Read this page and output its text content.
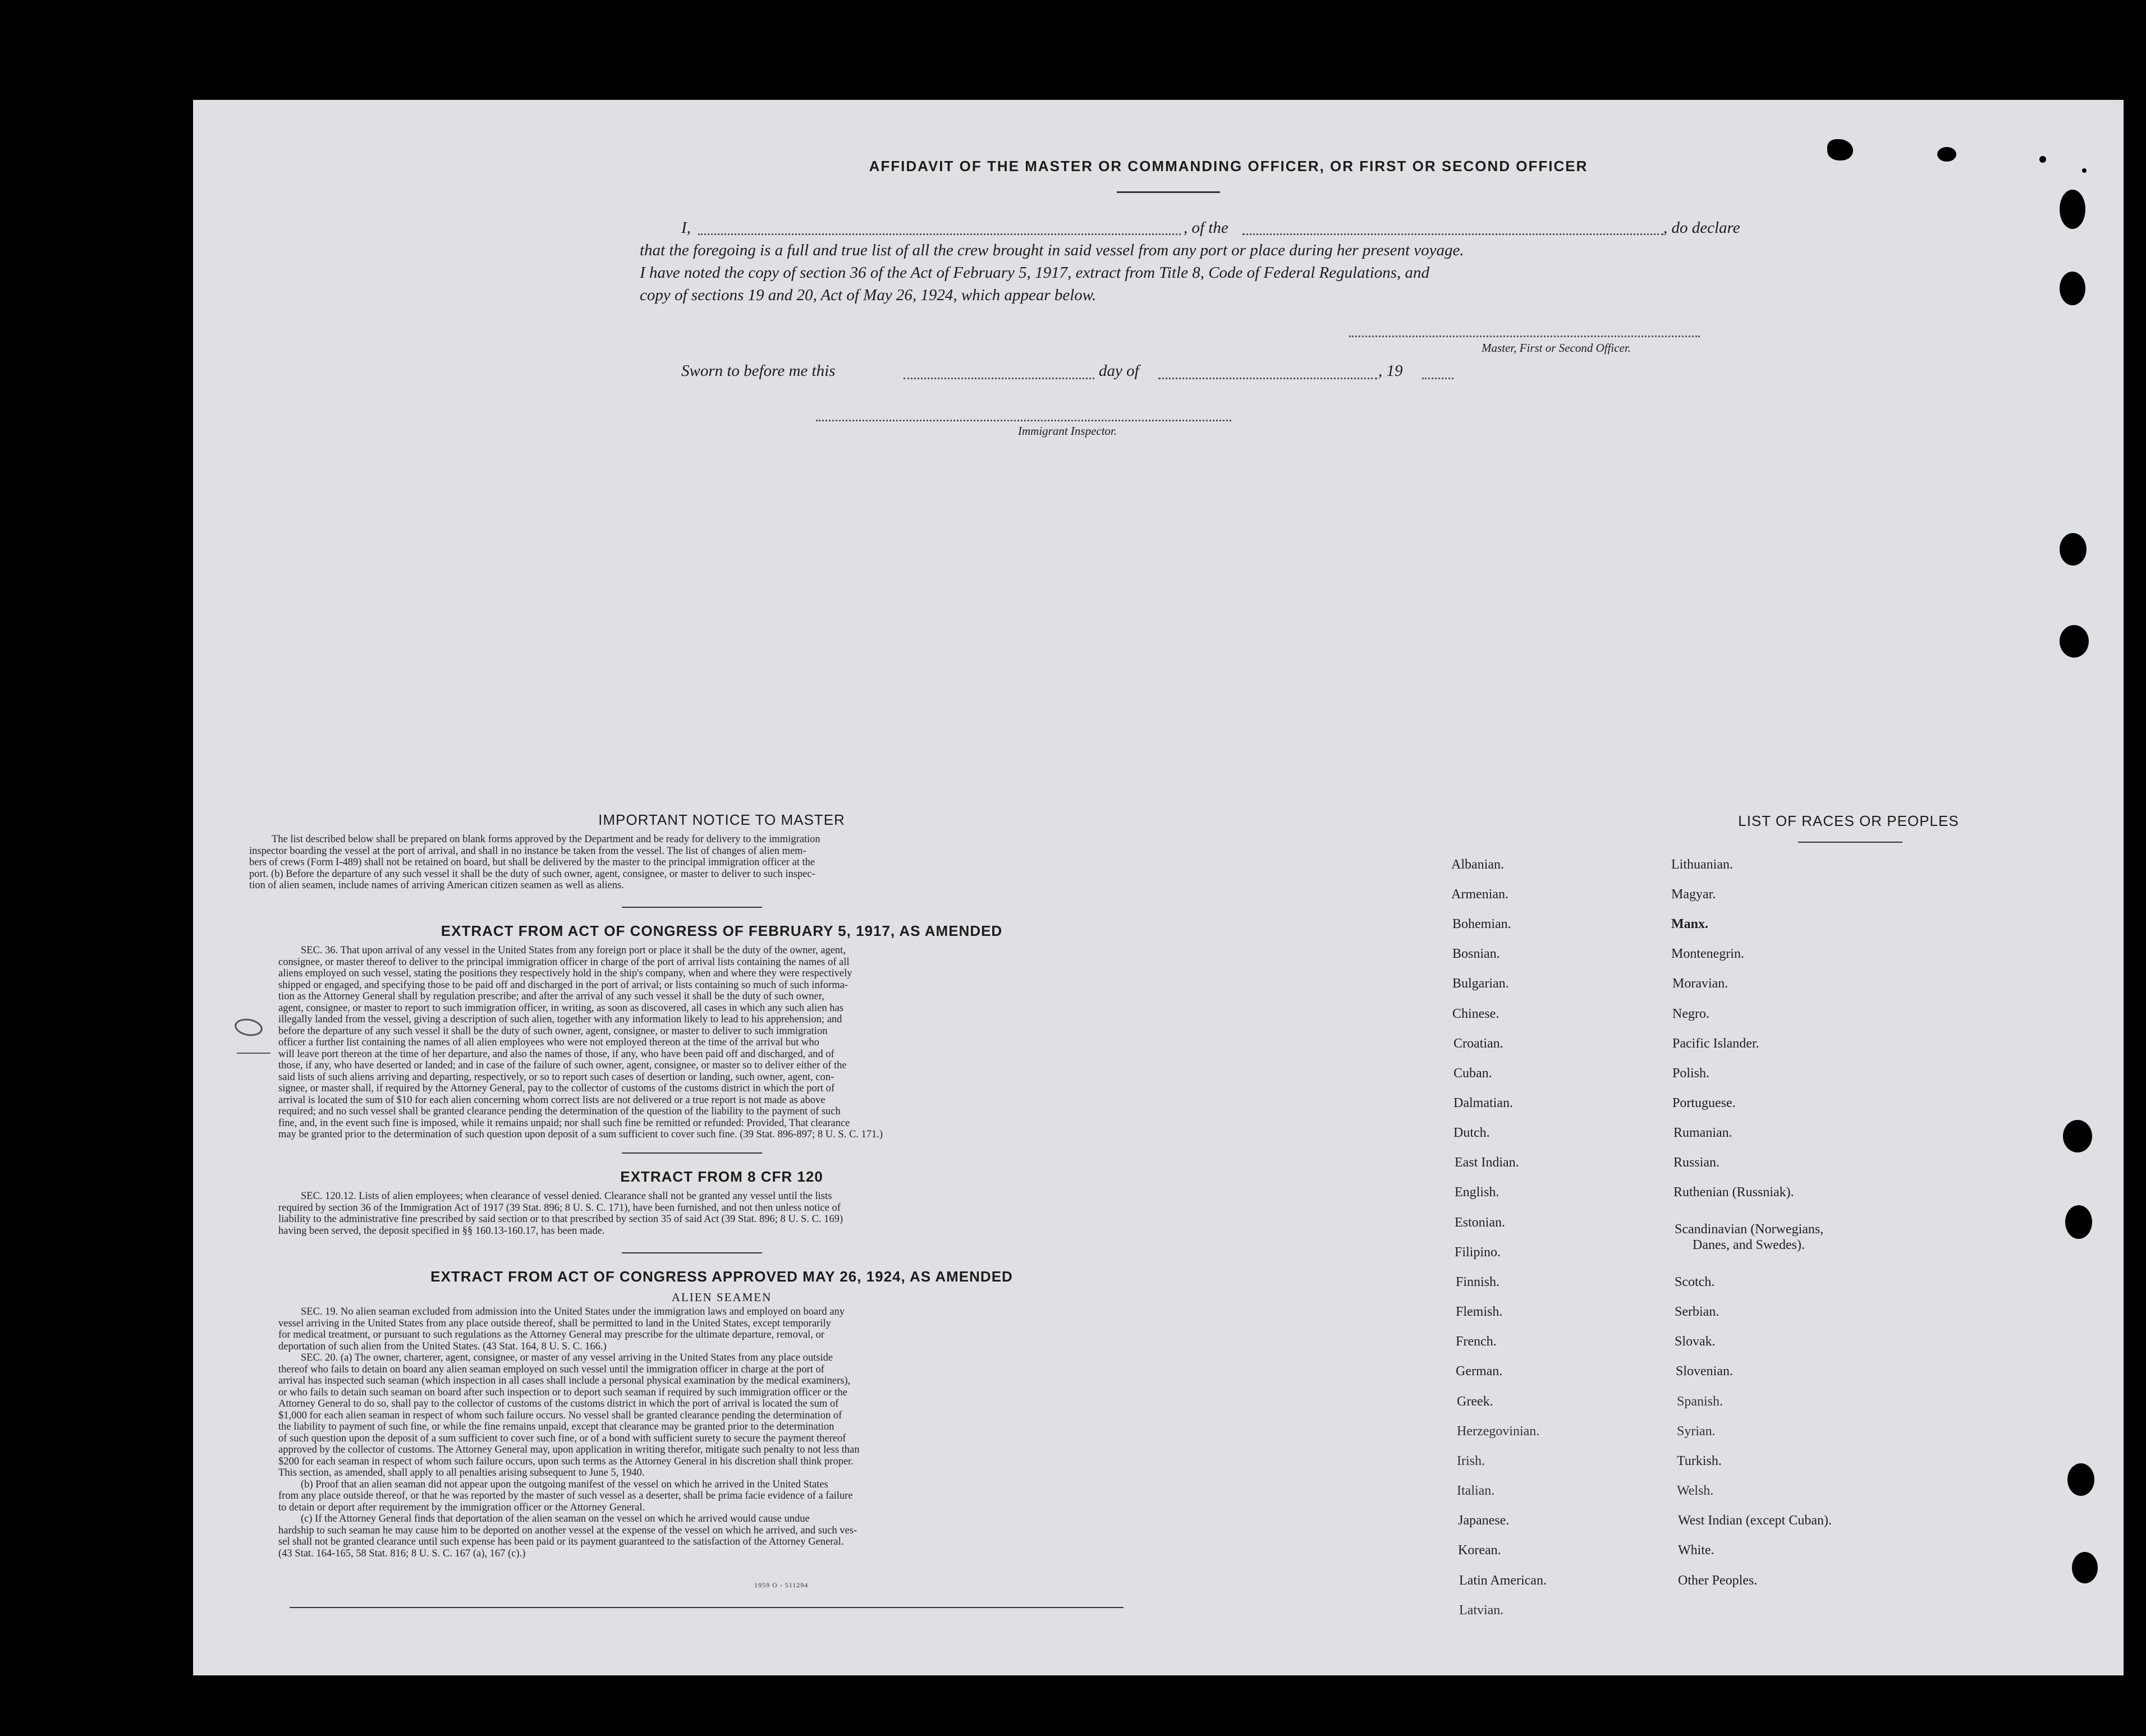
AFFIDAVIT OF THE MASTER OR COMMANDING OFFICER, OR FIRST OR SECOND OFFICER
I,	, of the	, do declare
that the foregoing is a full and true list of all the crew brought in said vessel from any port or place during her present voyage.
I have noted the copy of section 36 of the Act of February 5, 1917, extract from Title 8, Code of Federal Regulations, and
copy of sections 19 and 20, Act of May 26, 1924, which appear below.
Master, First or Second Officer.
Sworn to before me this	day of	, 19
Immigrant Inspector.
IMPORTANT NOTICE TO MASTER
The list described below shall be prepared on blank forms approved by the Department and be ready for delivery to the immigration
inspector boarding the vessel at the port of arrival, and shall in no instance be taken from the vessel. The list of changes of alien mem-
bers of crews (Form I-489) shall not be retained on board, but shall be delivered by the master to the principal immigration officer at the
port. (b) Before the departure of any such vessel it shall be the duty of such owner, agent, consignee, or master to deliver to such inspec-
tion of alien seamen, include names of arriving American citizen seamen as well as aliens.
EXTRACT FROM ACT OF CONGRESS OF FEBRUARY 5, 1917, AS AMENDED
SEC. 36. That upon arrival of any vessel in the United States from any foreign port or place it shall be the duty of the owner, agent,
consignee, or master thereof to deliver to the principal immigration officer in charge of the port of arrival lists containing the names of all
aliens employed on such vessel, stating the positions they respectively hold in the ship's company, when and where they were respectively
shipped or engaged, and specifying those to be paid off and discharged in the port of arrival; or lists containing so much of such informa-
tion as the Attorney General shall by regulation prescribe; and after the arrival of any such vessel it shall be the duty of such owner,
agent, consignee, or master to report to such immigration officer, in writing, as soon as discovered, all cases in which any such alien has
illegally landed from the vessel, giving a description of such alien, together with any information likely to lead to his apprehension; and
before the departure of any such vessel it shall be the duty of such owner, agent, consignee, or master to deliver to such immigration
officer a further list containing the names of all alien employees who were not employed thereon at the time of the arrival but who
will leave port thereon at the time of her departure, and also the names of those, if any, who have been paid off and discharged, and of
those, if any, who have deserted or landed; and in case of the failure of such owner, agent, consignee, or master so to deliver either of the
said lists of such aliens arriving and departing, respectively, or so to report such cases of desertion or landing, such owner, agent, con-
signee, or master shall, if required by the Attorney General, pay to the collector of customs of the customs district in which the port of
arrival is located the sum of $10 for each alien concerning whom correct lists are not delivered or a true report is not made as above
required; and no such vessel shall be granted clearance pending the determination of the question of the liability to the payment of such
fine, and, in the event such fine is imposed, while it remains unpaid; nor shall such fine be remitted or refunded: Provided, That clearance
may be granted prior to the determination of such question upon deposit of a sum sufficient to cover such fine. (39 Stat. 896-897; 8 U. S. C. 171.)
EXTRACT FROM 8 CFR 120
SEC. 120.12. Lists of alien employees; when clearance of vessel denied. Clearance shall not be granted any vessel until the lists
required by section 36 of the Immigration Act of 1917 (39 Stat. 896; 8 U. S. C. 171), have been furnished, and not then unless notice of
liability to the administrative fine prescribed by said section or to that prescribed by section 35 of said Act (39 Stat. 896; 8 U. S. C. 169)
having been served, the deposit specified in §§ 160.13-160.17, has been made.
EXTRACT FROM ACT OF CONGRESS APPROVED MAY 26, 1924, AS AMENDED
ALIEN SEAMEN
SEC. 19. No alien seaman excluded from admission into the United States under the immigration laws and employed on board any
vessel arriving in the United States from any place outside thereof, shall be permitted to land in the United States, except temporarily
for medical treatment, or pursuant to such regulations as the Attorney General may prescribe for the ultimate departure, removal, or
deportation of such alien from the United States. (43 Stat. 164, 8 U. S. C. 166.)
SEC. 20. (a) The owner, charterer, agent, consignee, or master of any vessel arriving in the United States from any place outside
thereof who fails to detain on board any alien seaman employed on such vessel until the immigration officer in charge at the port of
arrival has inspected such seaman (which inspection in all cases shall include a personal physical examination by the medical examiners),
or who fails to detain such seaman on board after such inspection or to deport such seaman if required by such immigration officer or the
Attorney General to do so, shall pay to the collector of customs of the customs district in which the port of arrival is located the sum of
$1,000 for each alien seaman in respect of whom such failure occurs. No vessel shall be granted clearance pending the determination of
the liability to payment of such fine, or while the fine remains unpaid, except that clearance may be granted prior to the determination
of such question upon the deposit of a sum sufficient to cover such fine, or of a bond with sufficient surety to secure the payment thereof
approved by the collector of customs. The Attorney General may, upon application in writing therefor, mitigate such penalty to not less than
$200 for each seaman in respect of whom such failure occurs, upon such terms as the Attorney General in his discretion shall think proper.
This section, as amended, shall apply to all penalties arising subsequent to June 5, 1940.
(b) Proof that an alien seaman did not appear upon the outgoing manifest of the vessel on which he arrived in the United States
from any place outside thereof, or that he was reported by the master of such vessel as a deserter, shall be prima facie evidence of a failure
to detain or deport after requirement by the immigration officer or the Attorney General.
(c) If the Attorney General finds that deportation of the alien seaman on the vessel on which he arrived would cause undue
hardship to such seaman he may cause him to be deported on another vessel at the expense of the vessel on which he arrived, and such ves-
sel shall not be granted clearance until such expense has been paid or its payment guaranteed to the satisfaction of the Attorney General.
(43 Stat. 164-165, 58 Stat. 816; 8 U. S. C. 167 (a), 167 (c).)
1959 O - 511294
LIST OF RACES OR PEOPLES
Albanian.
Armenian.
Bohemian.
Bosnian.
Bulgarian.
Chinese.
Croatian.
Cuban.
Dalmatian.
Dutch.
East Indian.
English.
Estonian.
Filipino.
Finnish.
Flemish.
French.
German.
Greek.
Herzegovinian.
Irish.
Italian.
Japanese.
Korean.
Latin American.
Latvian.
Lithuanian.
Magyar.
Manx.
Montenegrin.
Moravian.
Negro.
Pacific Islander.
Polish.
Portuguese.
Rumanian.
Russian.
Ruthenian (Russniak).
Scandinavian (Norwegians,
Danes, and Swedes).
Scotch.
Serbian.
Slovak.
Slovenian.
Spanish.
Syrian.
Turkish.
Welsh.
West Indian (except Cuban).
White.
Other Peoples.
